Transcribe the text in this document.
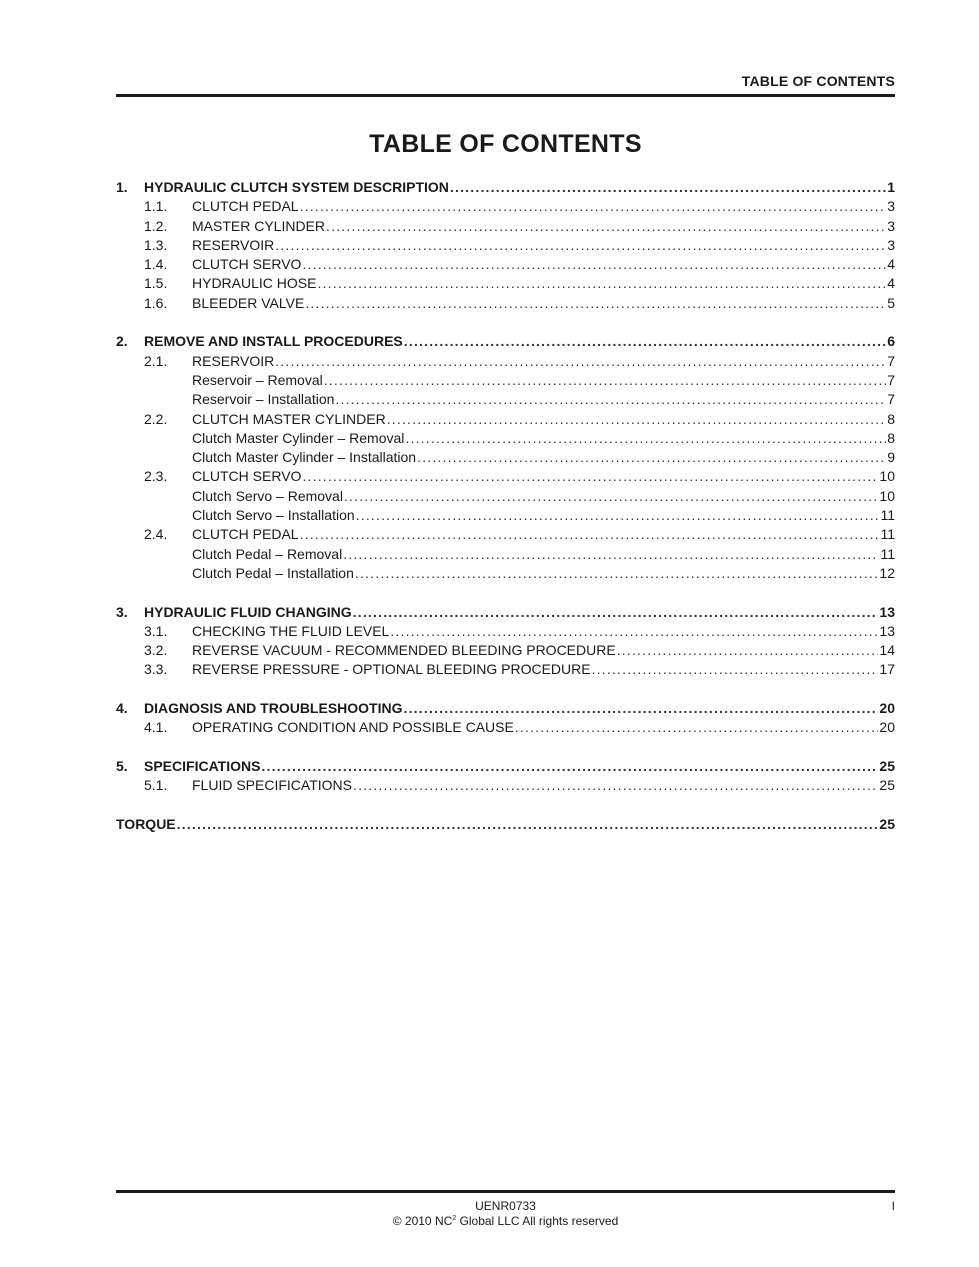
TABLE OF CONTENTS
TABLE OF CONTENTS
1.	HYDRAULIC CLUTCH SYSTEM DESCRIPTION .....	1
1.1.	CLUTCH PEDAL .....	3
1.2.	MASTER CYLINDER .....	3
1.3.	RESERVOIR .....	3
1.4.	CLUTCH SERVO .....	4
1.5.	HYDRAULIC HOSE .....	4
1.6.	BLEEDER VALVE .....	5
2.	REMOVE AND INSTALL PROCEDURES .....	6
2.1.	RESERVOIR .....	7
Reservoir – Removal .....	7
Reservoir – Installation .....	7
2.2.	CLUTCH MASTER CYLINDER .....	8
Clutch Master Cylinder – Removal .....	8
Clutch Master Cylinder – Installation .....	9
2.3.	CLUTCH SERVO .....	10
Clutch Servo – Removal .....	10
Clutch Servo – Installation .....	11
2.4.	CLUTCH PEDAL .....	11
Clutch Pedal – Removal .....	11
Clutch Pedal – Installation .....	12
3.	HYDRAULIC FLUID CHANGING .....	13
3.1.	CHECKING THE FLUID LEVEL .....	13
3.2.	REVERSE VACUUM - RECOMMENDED BLEEDING PROCEDURE .....	14
3.3.	REVERSE PRESSURE - OPTIONAL BLEEDING PROCEDURE .....	17
4.	DIAGNOSIS AND TROUBLESHOOTING .....	20
4.1.	OPERATING CONDITION AND POSSIBLE CAUSE .....	20
5.	SPECIFICATIONS .....	25
5.1.	FLUID SPECIFICATIONS .....	25
TORQUE .....	25
UENR0733	I
© 2010 $NC^2$ Global LLC All rights reserved
